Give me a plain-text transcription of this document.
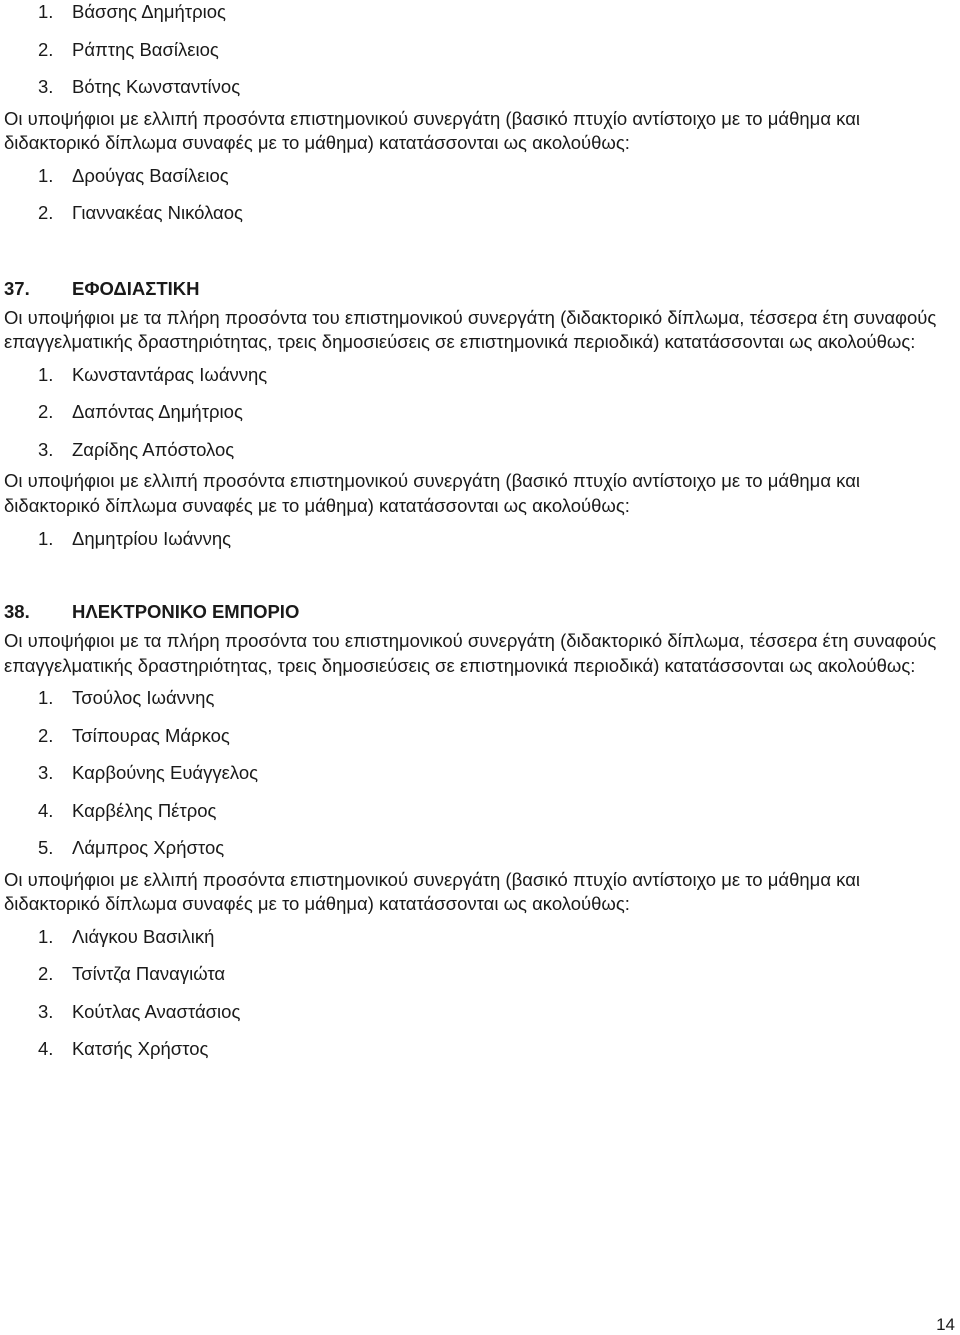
1.	Βάσσης Δημήτριος
2.	Ράπτης Βασίλειος
3.	Βότης Κωνσταντίνος

Οι υποψήφιοι με ελλιπή προσόντα επιστημονικού συνεργάτη (βασικό πτυχίο αντίστοιχο με το μάθημα και διδακτορικό δίπλωμα συναφές με το μάθημα) κατατάσσονται ως ακολούθως:

1.	Δρούγας Βασίλειος
2.	Γιαννακέας Νικόλαος
37.	ΕΦΟΔΙΑΣΤΙΚΗ

Οι υποψήφιοι με τα πλήρη προσόντα του επιστημονικού συνεργάτη (διδακτορικό δίπλωμα, τέσσερα έτη συναφούς επαγγελματικής δραστηριότητας, τρεις δημοσιεύσεις σε επιστημονικά περιοδικά) κατατάσσονται ως ακολούθως:

1.	Κωνσταντάρας Ιωάννης
2.	Δαπόντας Δημήτριος
3.	Ζαρίδης Απόστολος

Οι υποψήφιοι με ελλιπή προσόντα επιστημονικού συνεργάτη (βασικό πτυχίο αντίστοιχο με το μάθημα και διδακτορικό δίπλωμα συναφές με το μάθημα) κατατάσσονται ως ακολούθως:

1.	Δημητρίου Ιωάννης
38.	ΗΛΕΚΤΡΟΝΙΚΟ ΕΜΠΟΡΙΟ

Οι υποψήφιοι με τα πλήρη προσόντα του επιστημονικού συνεργάτη (διδακτορικό δίπλωμα, τέσσερα έτη συναφούς επαγγελματικής δραστηριότητας, τρεις δημοσιεύσεις σε επιστημονικά περιοδικά) κατατάσσονται ως ακολούθως:

1.	Τσούλος Ιωάννης
2.	Τσίπουρας Μάρκος
3.	Καρβούνης Ευάγγελος
4.	Καρβέλης Πέτρος
5.	Λάμπρος Χρήστος

Οι υποψήφιοι με ελλιπή προσόντα επιστημονικού συνεργάτη (βασικό πτυχίο αντίστοιχο με το μάθημα και διδακτορικό δίπλωμα συναφές με το μάθημα) κατατάσσονται ως ακολούθως:

1.	Λιάγκου Βασιλική
2.	Τσίντζα Παναγιώτα
3.	Κούτλας Αναστάσιος
4.	Κατσής Χρήστος
14
